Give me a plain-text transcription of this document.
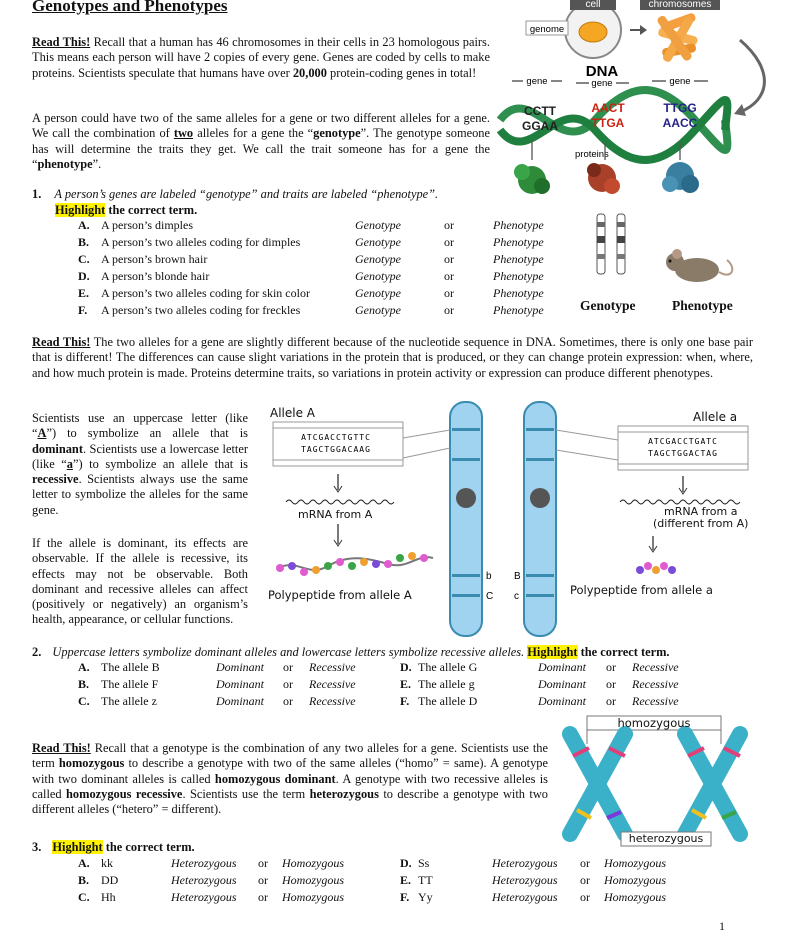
Genotypes and Phenotypes
Read This! Recall that a human has 46 chromosomes in their cells in 23 homologous pairs. This means each person will have 2 copies of every gene. Genes are coded by cells to make proteins. Scientists speculate that humans have over 20,000 protein-coding genes in total!
A person could have two of the same alleles for a gene or two different alleles for a gene. We call the combination of two alleles for a gene the “genotype”. The genotype someone has will determine the traits they get. We call the trait someone has for a gene the “phenotype”.
cell
genome
chromosomes
DNA
gene	gene	gene
CCTT
GGAA
AACT
TTGA
TTGG
AACC
proteins
1. A person’s genes are labeled “genotype” and traits are labeled “phenotype”.
Highlight the correct term.
A. A person’s dimples	Genotype	or	Phenotype
B. A person’s two alleles coding for dimples	Genotype	or	Phenotype
C. A person’s brown hair	Genotype	or	Phenotype
D. A person’s blonde hair	Genotype	or	Phenotype
E. A person’s two alleles coding for skin color	Genotype	or	Phenotype
F. A person’s two alleles coding for freckles	Genotype	or	Phenotype	Genotype	Phenotype
Read This! The two alleles for a gene are slightly different because of the nucleotide sequence in DNA. Sometimes, there is only one base pair that is different! The differences can cause slight variations in the protein that is produced, or they can change protein expression: when, where, and how much protein is made. Proteins determine traits, so variations in protein activity or expression can produce different phenotypes.
Scientists use an uppercase letter (like “A”) to symbolize an allele that is dominant. Scientists use a lowercase letter (like “a”) to symbolize an allele that is recessive. Scientists always use the same letter to symbolize the alleles for the same gene.
If the allele is dominant, its effects are observable. If the allele is recessive, its effects may not be observable. Both dominant and recessive alleles can affect (positively or negatively) an organism’s health, appearance, or cellular functions.
Allele A	Allele a
ATCGACCTGTTC
TAGCTGGACAAG
ATCGACCTGATC
TAGCTGGACTAG
b
C
B
c
mRNA from A	mRNA from a
(different from A)
Polypeptide from allele A	Polypeptide from allele a
2. Uppercase letters symbolize dominant alleles and lowercase letters symbolize recessive alleles. Highlight the correct term.
A. The allele B	Dominant or Recessive
B. The allele F	Dominant or Recessive
C. The allele z	Dominant or Recessive
D. The allele G	Dominant or Recessive
E. The allele g	Dominant or Recessive
F. The allele D	Dominant or Recessive
Read This! Recall that a genotype is the combination of any two alleles for a gene. Scientists use the term homozygous to describe a genotype with two of the same alleles (“homo” = same). A genotype with two dominant alleles is called homozygous dominant. A genotype with two recessive alleles is called homozygous recessive. Scientists use the term heterozygous to describe a genotype with two different alleles (“hetero” = different).
homozygous
heterozygous
3. Highlight the correct term.
A. kk	Heterozygous or Homozygous
B. DD	Heterozygous or Homozygous
C. Hh	Heterozygous or Homozygous
D. Ss	Heterozygous or Homozygous
E. TT	Heterozygous or Homozygous
F. Yy	Heterozygous or Homozygous
1
